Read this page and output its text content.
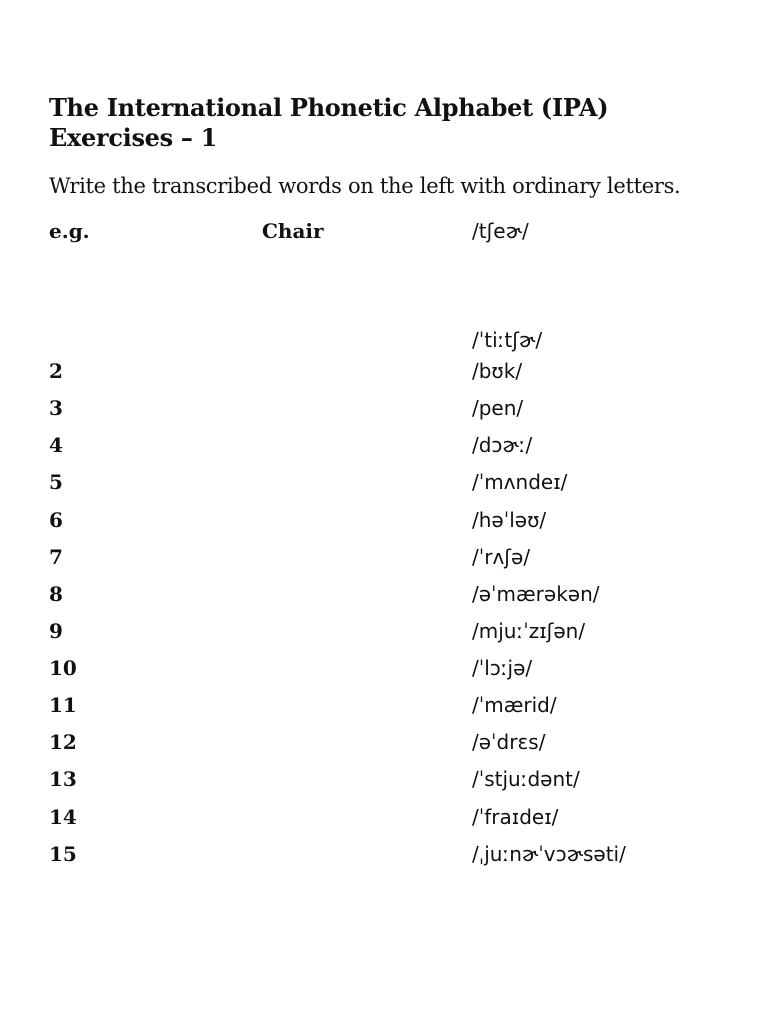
The International Phonetic Alphabet (IPA)
Exercises – 1
Write the transcribed words on the left with ordinary letters.
e.g.	Chair	/tʃeɚ/
/ˈtiːtʃɚ/
2	/bʊk/
3	/pen/
4	/dɔɚː/
5	/ˈmʌndeɪ/
6	/həˈləʊ/
7	/ˈrʌʃə/
8	/əˈmærəkən/
9	/mjuːˈzɪʃən/
10	/ˈlɔːjə/
11	/ˈmærid/
12	/əˈdrɛs/
13	/ˈstjuːdənt/
14	/ˈfraɪdeɪ/
15	/ˌjuːnɚˈvɔɚsəti/
